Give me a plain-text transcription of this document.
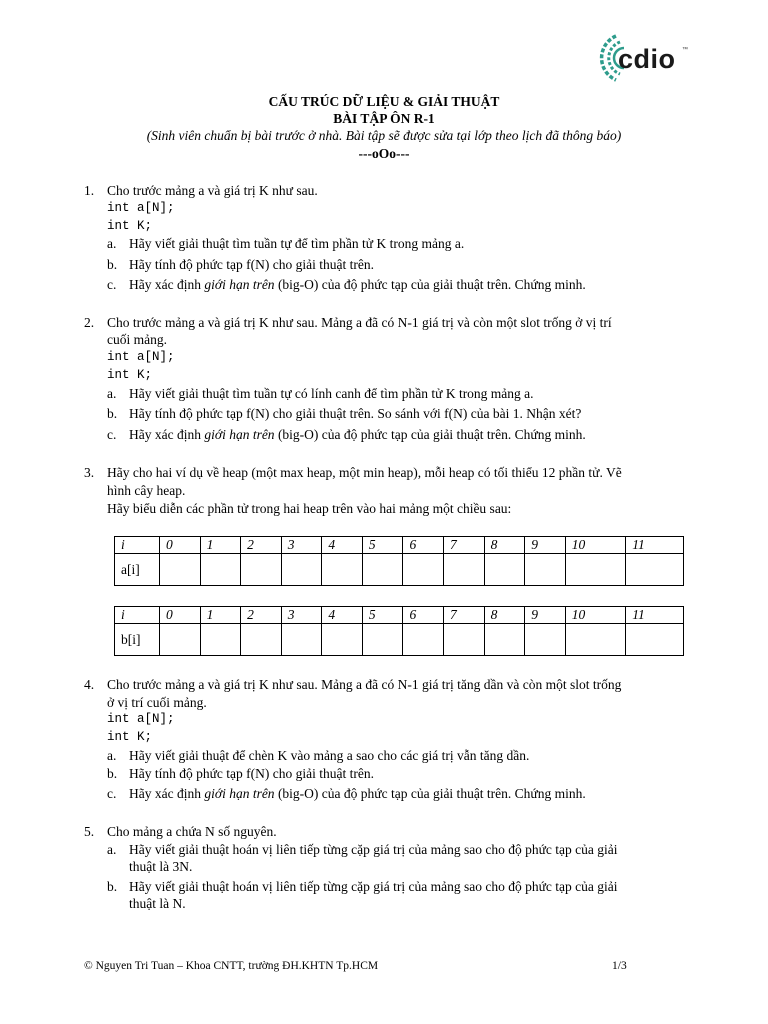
cdio ™
CẤU TRÚC DỮ LIỆU & GIẢI THUẬT
BÀI TẬP ÔN R-1
(Sinh viên chuẩn bị bài trước ở nhà. Bài tập sẽ được sửa tại lớp theo lịch đã thông báo)
---oOo---
1. Cho trước mảng a và giá trị K như sau.
int a[N];
int K;
a. Hãy viết giải thuật tìm tuần tự để tìm phần tử K trong mảng a.
b. Hãy tính độ phức tạp f(N) cho giải thuật trên.
c. Hãy xác định giới hạn trên (big-O) của độ phức tạp của giải thuật trên. Chứng minh.
2. Cho trước mảng a và giá trị K như sau. Mảng a đã có N-1 giá trị và còn một slot trống ở vị trí
cuối mảng.
int a[N];
int K;
a. Hãy viết giải thuật tìm tuần tự có lính canh để tìm phần tử K trong mảng a.
b. Hãy tính độ phức tạp f(N) cho giải thuật trên. So sánh với f(N) của bài 1. Nhận xét?
c. Hãy xác định giới hạn trên (big-O) của độ phức tạp của giải thuật trên. Chứng minh.
3. Hãy cho hai ví dụ về heap (một max heap, một min heap), mỗi heap có tối thiểu 12 phần tử. Vẽ
hình cây heap.
Hãy biểu diễn các phần tử trong hai heap trên vào hai mảng một chiều sau:
i	0	1	2	3	4	5	6	7	8	9	10	11
a[i]												
i	0	1	2	3	4	5	6	7	8	9	10	11
b[i]												
4. Cho trước mảng a và giá trị K như sau. Mảng a đã có N-1 giá trị tăng dần và còn một slot trống
ở vị trí cuối mảng.
int a[N];
int K;
a. Hãy viết giải thuật để chèn K vào mảng a sao cho các giá trị vẫn tăng dần.
b. Hãy tính độ phức tạp f(N) cho giải thuật trên.
c. Hãy xác định giới hạn trên (big-O) của độ phức tạp của giải thuật trên. Chứng minh.
5. Cho mảng a chứa N số nguyên.
a. Hãy viết giải thuật hoán vị liên tiếp từng cặp giá trị của mảng sao cho độ phức tạp của giải
thuật là 3N.
b. Hãy viết giải thuật hoán vị liên tiếp từng cặp giá trị của mảng sao cho độ phức tạp của giải
thuật là N.
© Nguyen Tri Tuan – Khoa CNTT, trường ĐH.KHTN Tp.HCM	1/3
